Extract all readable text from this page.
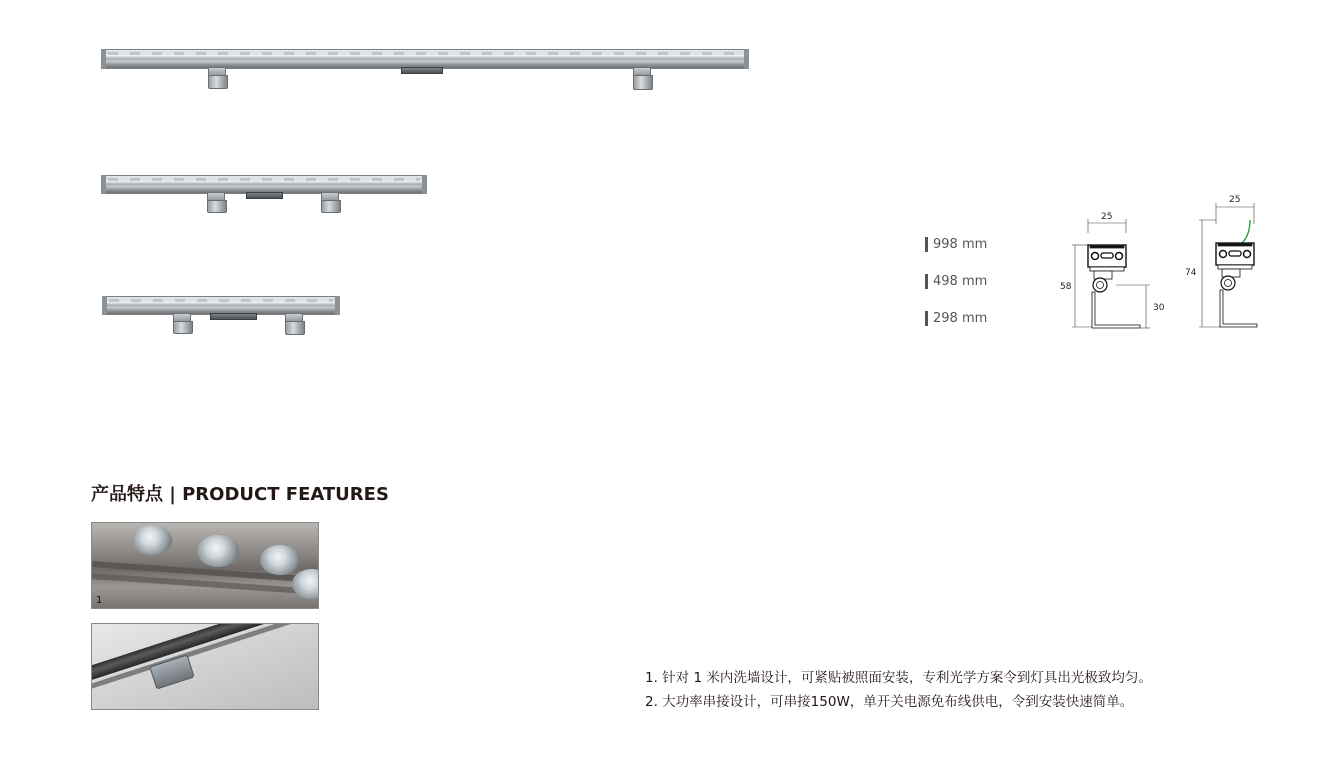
998 mm
498 mm
298 mm
25
58
30
25
74
产品特点 | PRODUCT FEATURES
1
1. 针对 1 米内洗墙设计，可紧贴被照面安装，专利光学方案令到灯具出光极致均匀。
2. 大功率串接设计，可串接150W，单开关电源免布线供电，令到安装快速简单。
